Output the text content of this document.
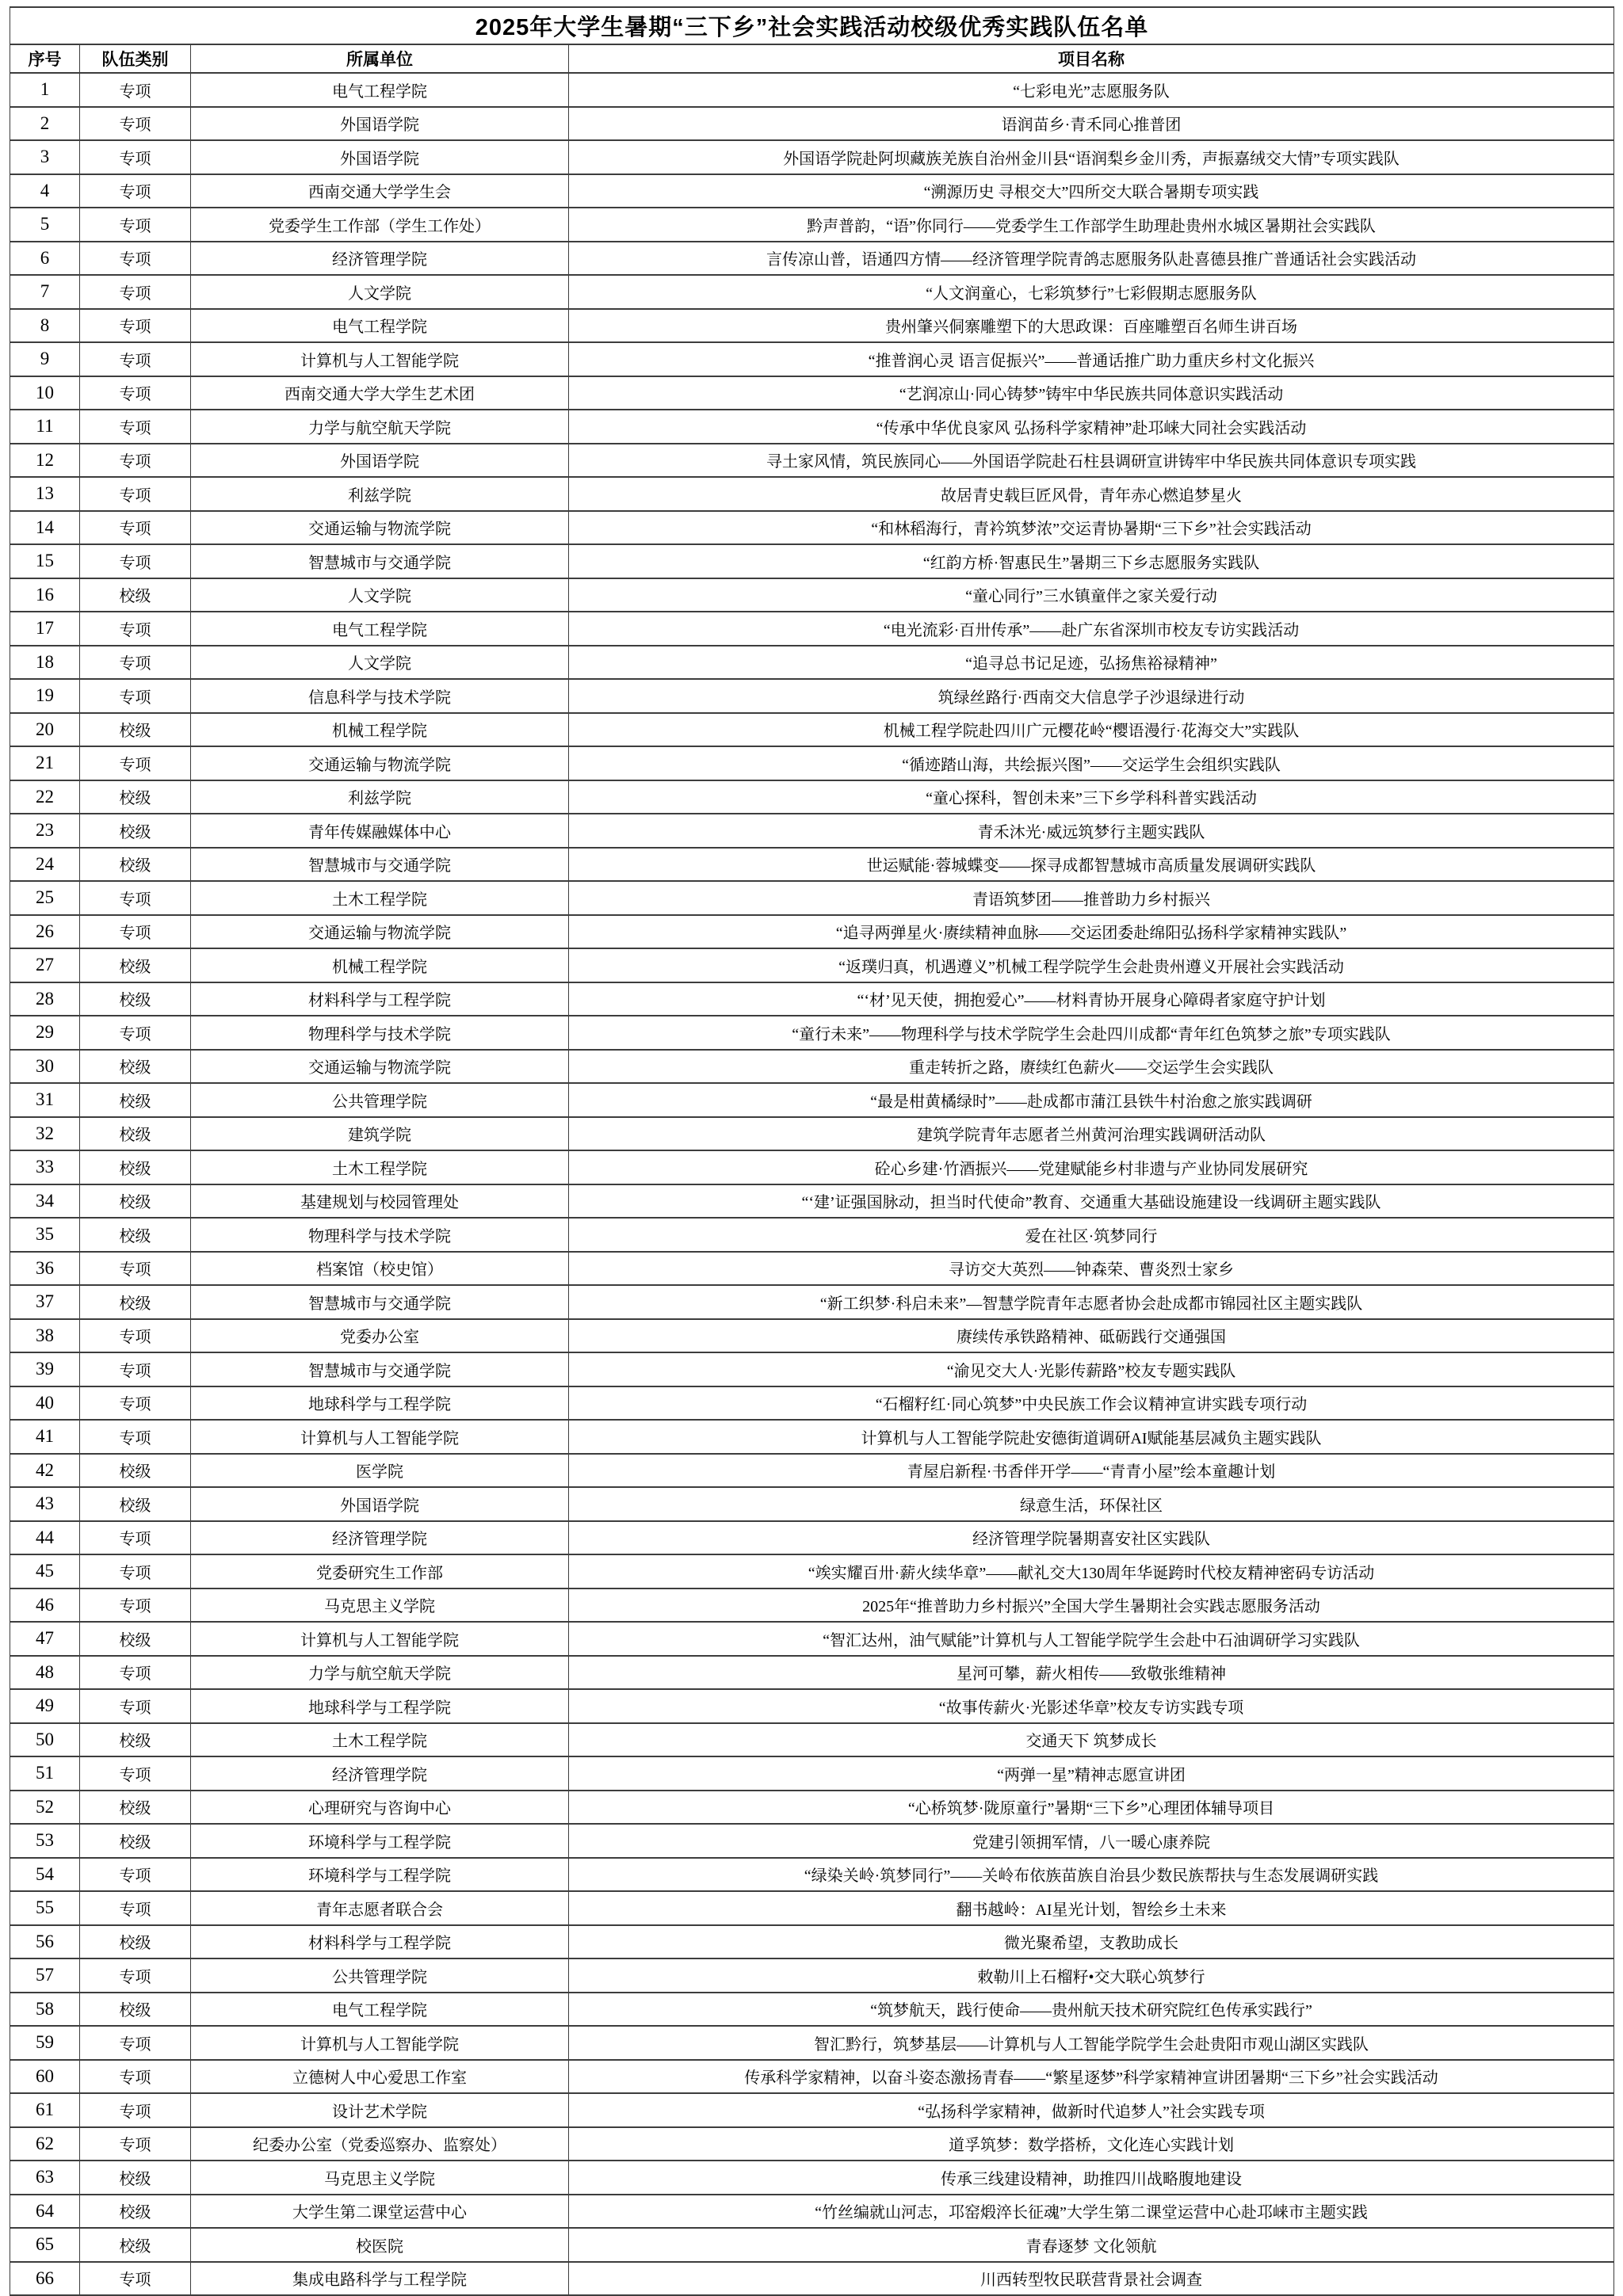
2025年大学生暑期“三下乡”社会实践活动校级优秀实践队伍名单			
序号	队伍类别	所属单位	项目名称
1	专项	电气工程学院	“七彩电光”志愿服务队
2	专项	外国语学院	语润苗乡·青禾同心推普团
3	专项	外国语学院	外国语学院赴阿坝藏族羌族自治州金川县“语润梨乡金川秀，声振嘉绒交大情”专项实践队
4	专项	西南交通大学学生会	“溯源历史 寻根交大”四所交大联合暑期专项实践
5	专项	党委学生工作部（学生工作处）	黔声普韵，“语”你同行——党委学生工作部学生助理赴贵州水城区暑期社会实践队
6	专项	经济管理学院	言传凉山普，语通四方情——经济管理学院青鸽志愿服务队赴喜德县推广普通话社会实践活动
7	专项	人文学院	“人文润童心，七彩筑梦行”七彩假期志愿服务队
8	专项	电气工程学院	贵州肇兴侗寨雕塑下的大思政课：百座雕塑百名师生讲百场
9	专项	计算机与人工智能学院	“推普润心灵 语言促振兴”——普通话推广助力重庆乡村文化振兴
10	专项	西南交通大学大学生艺术团	“艺润凉山·同心铸梦”铸牢中华民族共同体意识实践活动
11	专项	力学与航空航天学院	“传承中华优良家风 弘扬科学家精神”赴邛崃大同社会实践活动
12	专项	外国语学院	寻土家风情，筑民族同心——外国语学院赴石柱县调研宣讲铸牢中华民族共同体意识专项实践
13	专项	利兹学院	故居青史载巨匠风骨，青年赤心燃追梦星火
14	专项	交通运输与物流学院	“和林稻海行，青衿筑梦浓”交运青协暑期“三下乡”社会实践活动
15	专项	智慧城市与交通学院	“红韵方桥·智惠民生”暑期三下乡志愿服务实践队
16	校级	人文学院	“童心同行”三水镇童伴之家关爱行动
17	专项	电气工程学院	“电光流彩·百卅传承”——赴广东省深圳市校友专访实践活动
18	专项	人文学院	“追寻总书记足迹，弘扬焦裕禄精神”
19	专项	信息科学与技术学院	筑绿丝路行·西南交大信息学子沙退绿进行动
20	校级	机械工程学院	机械工程学院赴四川广元樱花岭“樱语漫行·花海交大”实践队
21	专项	交通运输与物流学院	“循迹踏山海，共绘振兴图”——交运学生会组织实践队
22	校级	利兹学院	“童心探科，智创未来”三下乡学科科普实践活动
23	校级	青年传媒融媒体中心	青禾沐光·威远筑梦行主题实践队
24	校级	智慧城市与交通学院	世运赋能·蓉城蝶变——探寻成都智慧城市高质量发展调研实践队
25	专项	土木工程学院	青语筑梦团——推普助力乡村振兴
26	专项	交通运输与物流学院	“追寻两弹星火·赓续精神血脉——交运团委赴绵阳弘扬科学家精神实践队”
27	校级	机械工程学院	“返璞归真，机遇遵义”机械工程学院学生会赴贵州遵义开展社会实践活动
28	校级	材料科学与工程学院	“‘材’见天使，拥抱爱心”——材料青协开展身心障碍者家庭守护计划
29	专项	物理科学与技术学院	“童行未来”——物理科学与技术学院学生会赴四川成都“青年红色筑梦之旅”专项实践队
30	校级	交通运输与物流学院	重走转折之路，赓续红色薪火——交运学生会实践队
31	校级	公共管理学院	“最是柑黄橘绿时”——赴成都市蒲江县铁牛村治愈之旅实践调研
32	校级	建筑学院	建筑学院青年志愿者兰州黄河治理实践调研活动队
33	校级	土木工程学院	砼心乡建·竹酒振兴——党建赋能乡村非遗与产业协同发展研究
34	校级	基建规划与校园管理处	“‘建’证强国脉动，担当时代使命”教育、交通重大基础设施建设一线调研主题实践队
35	校级	物理科学与技术学院	爱在社区·筑梦同行
36	专项	档案馆（校史馆）	寻访交大英烈——钟森荣、曹炎烈士家乡
37	校级	智慧城市与交通学院	“新工织梦·科启未来”—智慧学院青年志愿者协会赴成都市锦园社区主题实践队
38	专项	党委办公室	赓续传承铁路精神、砥砺践行交通强国
39	专项	智慧城市与交通学院	“渝见交大人·光影传薪路”校友专题实践队
40	专项	地球科学与工程学院	“石榴籽红·同心筑梦”中央民族工作会议精神宣讲实践专项行动
41	专项	计算机与人工智能学院	计算机与人工智能学院赴安德街道调研AI赋能基层减负主题实践队
42	校级	医学院	青屋启新程·书香伴开学——“青青小屋”绘本童趣计划
43	校级	外国语学院	绿意生活，环保社区
44	专项	经济管理学院	经济管理学院暑期喜安社区实践队
45	专项	党委研究生工作部	“竢实耀百卅·薪火续华章”——献礼交大130周年华诞跨时代校友精神密码专访活动
46	专项	马克思主义学院	2025年“推普助力乡村振兴”全国大学生暑期社会实践志愿服务活动
47	校级	计算机与人工智能学院	“智汇达州，油气赋能”计算机与人工智能学院学生会赴中石油调研学习实践队
48	专项	力学与航空航天学院	星河可攀，薪火相传——致敬张维精神
49	专项	地球科学与工程学院	“故事传薪火·光影述华章”校友专访实践专项
50	校级	土木工程学院	交通天下 筑梦成长
51	专项	经济管理学院	“两弹一星”精神志愿宣讲团
52	校级	心理研究与咨询中心	“心桥筑梦·陇原童行”暑期“三下乡”心理团体辅导项目
53	校级	环境科学与工程学院	党建引领拥军情，八一暖心康养院
54	专项	环境科学与工程学院	“绿染关岭·筑梦同行”——关岭布依族苗族自治县少数民族帮扶与生态发展调研实践
55	专项	青年志愿者联合会	翻书越岭：AI星光计划，智绘乡土未来
56	校级	材料科学与工程学院	微光聚希望，支教助成长
57	专项	公共管理学院	敕勒川上石榴籽•交大联心筑梦行
58	校级	电气工程学院	“筑梦航天，践行使命——贵州航天技术研究院红色传承实践行”
59	专项	计算机与人工智能学院	智汇黔行，筑梦基层——计算机与人工智能学院学生会赴贵阳市观山湖区实践队
60	专项	立德树人中心爱思工作室	传承科学家精神，以奋斗姿态激扬青春——“繁星逐梦”科学家精神宣讲团暑期“三下乡”社会实践活动
61	专项	设计艺术学院	“弘扬科学家精神，做新时代追梦人”社会实践专项
62	专项	纪委办公室（党委巡察办、监察处）	道孚筑梦：数学搭桥，文化连心实践计划
63	校级	马克思主义学院	传承三线建设精神，助推四川战略腹地建设
64	校级	大学生第二课堂运营中心	“竹丝编就山河志，邛窑煅淬长征魂”大学生第二课堂运营中心赴邛崃市主题实践
65	校级	校医院	青春逐梦 文化领航
66	专项	集成电路科学与工程学院	川西转型牧民联营背景社会调查
